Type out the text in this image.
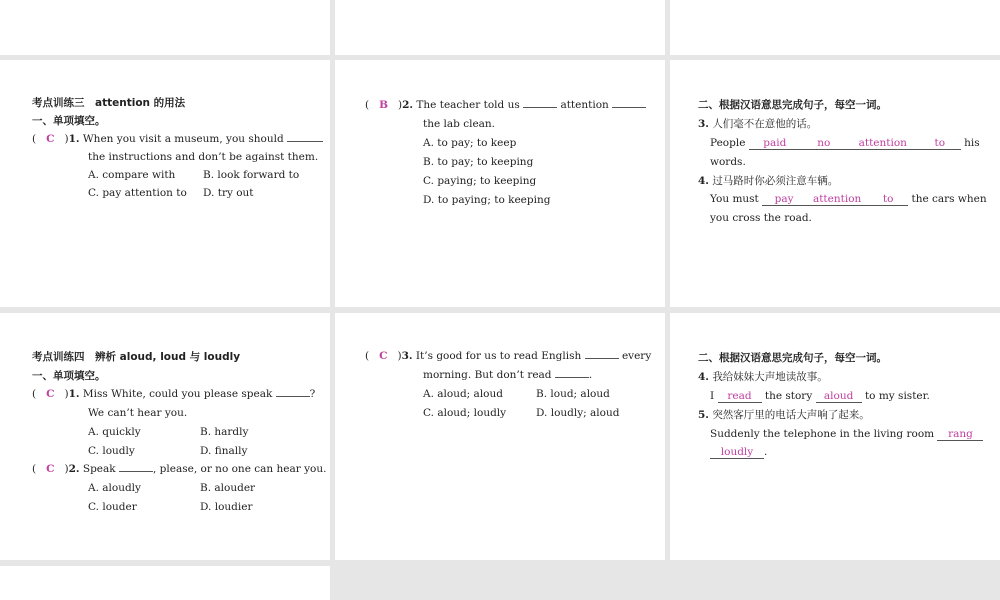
考点训练三　attention 的用法
一、单项填空。
(   C   )1. When you visit a museum, you should
the instructions and don’t be against them.
A. compare with	B. look forward to
C. pay attention to D. try out
(   B   )2. The teacher told us	attention
the lab clean.
A. to pay; to keep
B. to pay; to keeping
C. paying; to keeping
D. to paying; to keeping
二、根据汉语意思完成句子，每空一词。
3. 人们毫不在意他的话。
People paid	no	attention	to his
words.
4. 过马路时你必须注意车辆。
You must pay attention to the cars when
you cross the road.
考点训练四　辨析 aloud, loud 与 loudly
一、单项填空。
(   C   )1. Miss White, could you please speak	?
We can’t hear you.
A. quickly	B. hardly
C. loudly	D. finally
(   C   )2. Speak	, please, or no one can hear you.
A. aloudly	B. alouder
C. louder	D. loudier
(   C   )3. It’s good for us to read English	every
morning. But don’t read	.
A. aloud; aloud	B. loud; aloud
C. aloud; loudly	D. loudly; aloud
二、根据汉语意思完成句子，每空一词。
4. 我给妹妹大声地读故事。
I read the story aloud to my sister.
5. 突然客厅里的电话大声响了起来。
Suddenly the telephone in the living room rang
loudly .
